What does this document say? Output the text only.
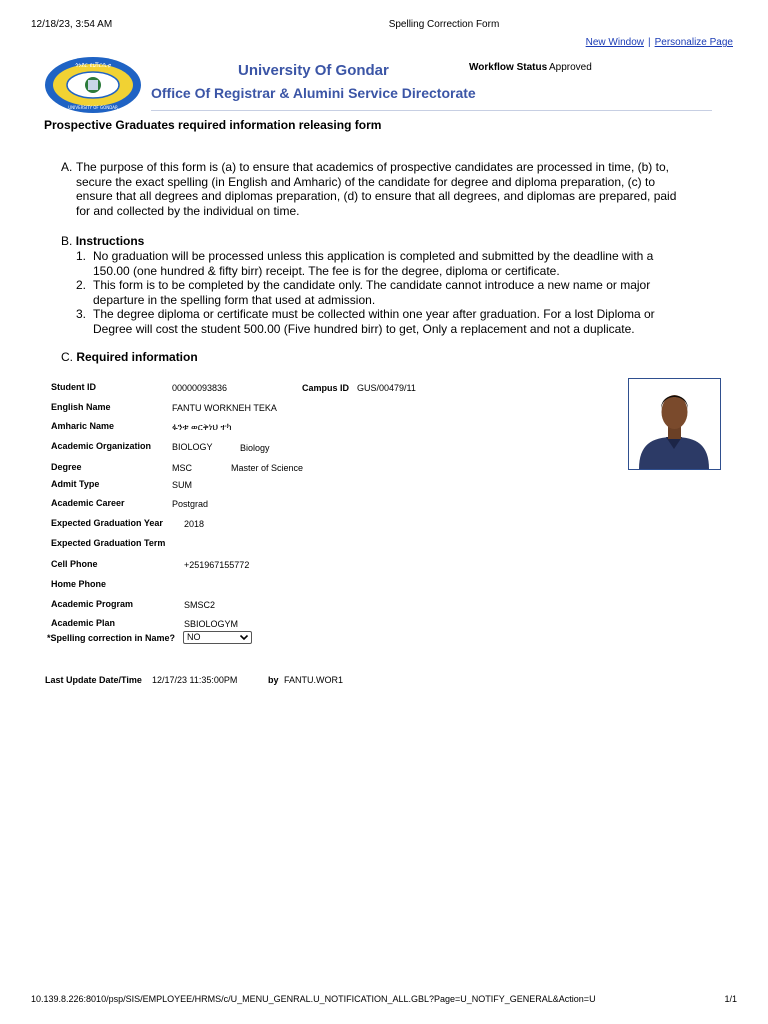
12/18/23, 3:54 AM	Spelling Correction Form
New Window | Personalize Page
ጎንደር ዩኒቨርሲቲ
UNIVERSITY OF GONDAR
University Of Gondar
Office Of Registrar & Alumini Service Directorate
Workflow Status Approved
Prospective Graduates required information releasing form
A. The purpose of this form is (a) to ensure that academics of prospective candidates are processed in time, (b) to,
secure the exact spelling (in English and Amharic) of the candidate for degree and diploma preparation, (c) to
ensure that all degrees and diplomas preparation, (d) to ensure that all degrees, and diplomas are prepared, paid
for and collected by the individual on time.
B. Instructions
1. No graduation will be processed unless this application is completed and submitted by the deadline with a
150.00 (one hundred & fifty birr) receipt. The fee is for the degree, diploma or certificate.
2. This form is to be completed by the candidate only. The candidate cannot introduce a new name or major
departure in the spelling form that used at admission.
3. The degree diploma or certificate must be collected within one year after graduation. For a lost Diploma or
Degree will cost the student 500.00 (Five hundred birr) to get, Only a replacement and not a duplicate.
C. Required information
Student ID	00000093836	Campus ID GUS/00479/11
English Name	FANTU WORKNEH TEKA
Amharic Name	ፋንቱ ወርቅነህ ተካ
Academic Organization BIOLOGY	Biology
Degree	MSC	Master of Science
Admit Type	SUM
Academic Career	Postgrad
Expected Graduation Year 2018
Expected Graduation Term
Cell Phone	+251967155772
Home Phone
Academic Program	SMSC2
Academic Plan	SBIOLOGYM
*Spelling correction in Name? NO
Last Update Date/Time 12/17/23 11:35:00PM	by FANTU.WOR1
10.139.8.226:8010/psp/SIS/EMPLOYEE/HRMS/c/U_MENU_GENRAL.U_NOTIFICATION_ALL.GBL?Page=U_NOTIFY_GENERAL&Action=U	1/1
